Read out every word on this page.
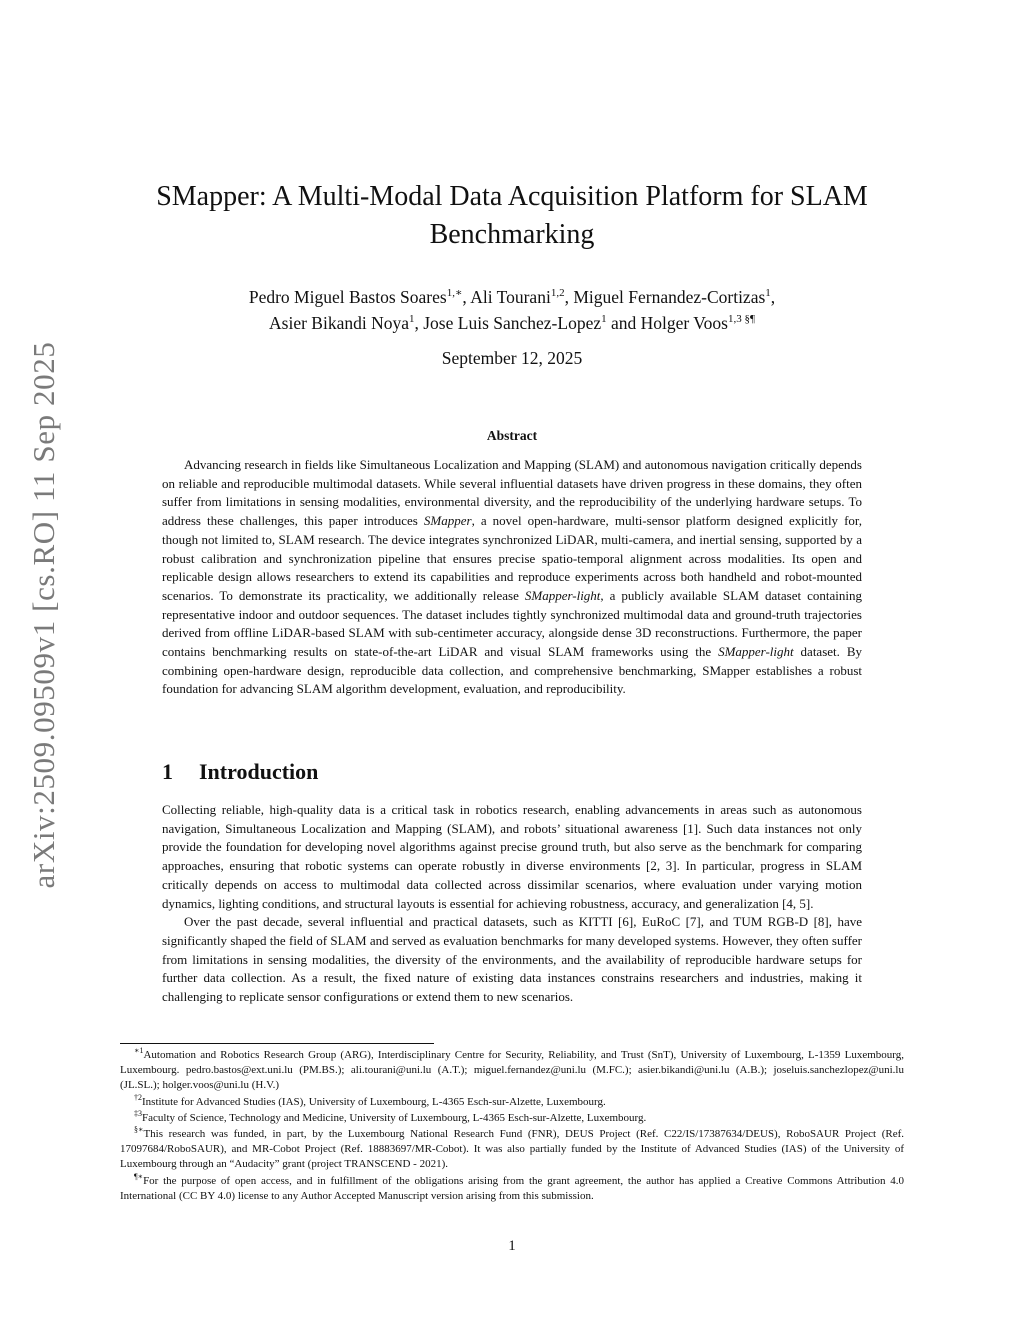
arXiv:2509.09509v1 [cs.RO] 11 Sep 2025
SMapper: A Multi-Modal Data Acquisition Platform for SLAM Benchmarking

Pedro Miguel Bastos Soares$^{1,∗}$, Ali Tourani$^{1,2}$, Miguel Fernandez-Cortizas$^1$,

Asier Bikandi Noya$^1$, Jose Luis Sanchez-Lopez$^1$ and Holger Voos$^{1,3 \S\P}$

September 12, 2025
Abstract

Advancing research in fields like Simultaneous Localization and Mapping (SLAM) and autonomous navigation critically depends on reliable and reproducible multimodal datasets. While several influential datasets have driven progress in these domains, they often suffer from limitations in sensing modalities, environmental diversity, and the reproducibility of the underlying hardware setups. To address these challenges, this paper introduces SMapper, a novel open-hardware, multi-sensor platform designed explicitly for, though not limited to, SLAM research. The device integrates synchronized LiDAR, multi-camera, and inertial sensing, supported by a robust calibration and synchronization pipeline that ensures precise spatio-temporal alignment across modalities. Its open and replicable design allows researchers to extend its capabilities and reproduce experiments across both handheld and robot-mounted scenarios. To demonstrate its practicality, we additionally release SMapper-light, a publicly available SLAM dataset containing representative indoor and outdoor sequences. The dataset includes tightly synchronized multimodal data and ground-truth trajectories derived from offline LiDAR-based SLAM with sub-centimeter accuracy, alongside dense 3D reconstructions. Furthermore, the paper contains benchmarking results on state-of-the-art LiDAR and visual SLAM frameworks using the SMapper-light dataset. By combining open-hardware design, reproducible data collection, and comprehensive benchmarking, SMapper establishes a robust foundation for advancing SLAM algorithm development, evaluation, and reproducibility.

1 Introduction

Collecting reliable, high-quality data is a critical task in robotics research, enabling advancements in areas such as autonomous navigation, Simultaneous Localization and Mapping (SLAM), and robots’ situational awareness [1]. Such data instances not only provide the foundation for developing novel algorithms against precise ground truth, but also serve as the benchmark for comparing approaches, ensuring that robotic systems can operate robustly in diverse environments [2, 3]. In particular, progress in SLAM critically depends on access to multimodal data collected across dissimilar scenarios, where evaluation under varying motion dynamics, lighting conditions, and structural layouts is essential for achieving robustness, accuracy, and generalization [4, 5].

Over the past decade, several influential and practical datasets, such as KITTI [6], EuRoC [7], and TUM RGB-D [8], have significantly shaped the field of SLAM and served as evaluation benchmarks for many developed systems. However, they often suffer from limitations in sensing modalities, the diversity of the environments, and the availability of reproducible hardware setups for further data collection. As a result, the fixed nature of existing data instances constrains researchers and industries, making it challenging to replicate sensor configurations or extend them to new scenarios.

$^{∗1}$Automation and Robotics Research Group (ARG), Interdisciplinary Centre for Security, Reliability, and Trust (SnT), University of Luxembourg, L-1359 Luxembourg, Luxembourg. pedro.bastos@ext.uni.lu (PM.BS.); ali.tourani@uni.lu (A.T.); miguel.fernandez@uni.lu (M.FC.); asier.bikandi@uni.lu (A.B.); joseluis.sanchezlopez@uni.lu (JL.SL.); holger.voos@uni.lu (H.V.)

$^{\dagger 2}$Institute for Advanced Studies (IAS), University of Luxembourg, L-4365 Esch-sur-Alzette, Luxembourg.

$^{\ddagger 3}$Faculty of Science, Technology and Medicine, University of Luxembourg, L-4365 Esch-sur-Alzette, Luxembourg.

§∗This research was funded, in part, by the Luxembourg National Research Fund (FNR), DEUS Project (Ref. C22/IS/17387634/DEUS), RoboSAUR Project (Ref. 17097684/RoboSAUR), and MR-Cobot Project (Ref. 18883697/MR-Cobot). It was also partially funded by the Institute of Advanced Studies (IAS) of the University of Luxembourg through an “Audacity” grant (project TRANSCEND - 2021).

¶∗For the purpose of open access, and in fulfillment of the obligations arising from the grant agreement, the author has applied a Creative Commons Attribution 4.0 International (CC BY 4.0) license to any Author Accepted Manuscript version arising from this submission.

1
